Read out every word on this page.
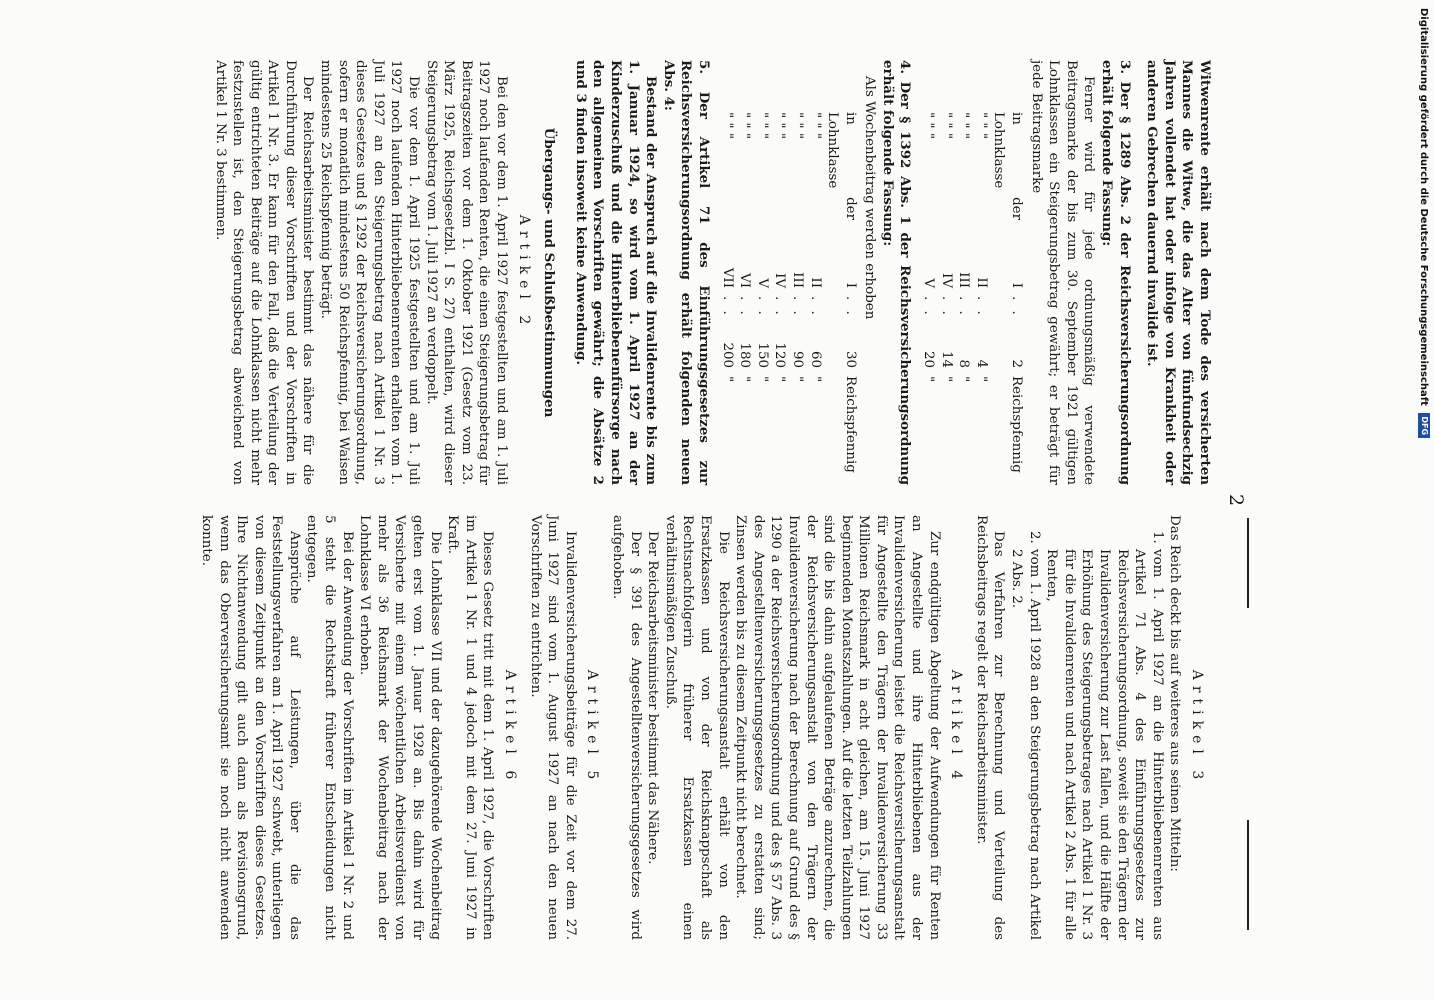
2

Witwenrente erhält nach dem Tode des versicherten Mannes die Witwe, die das Alter von fünfundsechzig Jahren vollendet hat oder infolge von Krankheit oder anderen Gebrechen dauernd invalide ist.

3. Der § 1289 Abs. 2 der Reichsversicherungsordnung erhält folgende Fassung:

Ferner wird für jede ordnungsmäßig verwendete Beitragsmarke der bis zum 30. September 1921 gültigen Lohnklassen ein Steigerungsbetrag gewährt; er beträgt für jede Beitragsmarke

in der Lohnklasse	I	. .	2	Reichspfennig
" " "	II	. .	4	"
" " "	III	. .	8	"
" " "	IV	. .	14	"
" " "	V	. .	20	"

4. Der § 1392 Abs. 1 der Reichsversicherungsordnung erhält folgende Fassung:

Als Wochenbeitrag werden erhoben

in der Lohnklasse	I	. .	30	Reichspfennig
" " "	II	. .	60	"
" " "	III	. .	90	"
" " "	IV	. .	120	"
" " "	V	. .	150	"
" " "	VI	. .	180	"
" " "	VII	. .	200	"

5. Der Artikel 71 des Einführungsgesetzes zur Reichsversicherungsordnung erhält folgenden neuen Abs. 4:

Bestand der Anspruch auf die Invalidenrente bis zum 1. Januar 1924, so wird vom 1. April 1927 an der Kinderzuschuß und die Hinterbliebenenfürsorge nach den allgemeinen Vorschriften gewährt; die Absätze 2 und 3 finden insoweit keine Anwendung.

Übergangs- und Schlußbestimmungen
Artikel 2

Bei den vor dem 1. April 1927 festgestellten und am 1. Juli 1927 noch laufenden Renten, die einen Steigerungsbetrag für Beitragszeiten vor dem 1. Oktober 1921 (Gesetz vom 23. März 1925, Reichsgesetzbl. I S. 27) enthalten, wird dieser Steigerungsbetrag vom 1. Juli 1927 an verdoppelt.

Die vor dem 1. April 1925 festgestellten und am 1. Juli 1927 noch laufenden Hinterbliebenenrenten erhalten vom 1. Juli 1927 an den Steigerungsbetrag nach Artikel 1 Nr. 3 dieses Gesetzes und § 1292 der Reichsversicherungsordnung, sofern er monatlich mindestens 50 Reichspfennig, bei Waisen mindestens 25 Reichspfennig beträgt.

Der Reichsarbeitsminister bestimmt das nähere für die Durchführung dieser Vorschriften und der Vorschriften in Artikel 1 Nr. 3. Er kann für den Fall, daß die Verteilung der gültig entrichteten Beiträge auf die Lohnklassen nicht mehr festzustellen ist, den Steigerungsbetrag abweichend von Artikel 1 Nr. 3 bestimmen.

Artikel 3

Das Reich deckt bis auf weiteres aus seinen Mitteln:

1.
vom 1. April 1927 an die Hinterbliebenenrenten aus Artikel 71 Abs. 4 des Einführungsgesetzes zur Reichsversicherungsordnung, soweit sie den Trägern der Invalidenversicherung zur Last fallen, und die Hälfte der Erhöhung des Steigerungsbetrages nach Artikel 1 Nr. 3 für die Invalidenrenten und nach Artikel 2 Abs. 1 für alle Renten,
2.
vom 1. April 1928 an den Steigerungsbetrag nach Artikel 2 Abs. 2.

Das Verfahren zur Berechnung und Verteilung des Reichsbeitrags regelt der Reichsarbeitsminister.

Artikel 4

Zur endgültigen Abgeltung der Aufwendungen für Renten an Angestellte und ihre Hinterbliebenen aus der Invalidenversicherung leistet die Reichsversicherungsanstalt für Angestellte den Trägern der Invalidenversicherung 33 Millionen Reichsmark in acht gleichen, am 15. Juni 1927 beginnenden Monatszahlungen. Auf die letzten Teilzahlungen sind die bis dahin aufgelaufenen Beträge anzurechnen, die der Reichsversicherungsanstalt von den Trägern der Invalidenversicherung nach der Berechnung auf Grund des § 1290 a der Reichsversicherungsordnung und des § 57 Abs. 3 des Angestelltenversicherungsgesetzes zu erstatten sind; Zinsen werden bis zu diesem Zeitpunkt nicht berechnet.

Die Reichsversicherungsanstalt erhält von den Ersatzkassen und von der Reichsknappschaft als Rechtsnachfolgerin früherer Ersatzkassen einen verhältnismäßigen Zuschuß.

Der Reichsarbeitsminister bestimmt das Nähere.

Der § 391 des Angestelltenversicherungsgesetzes wird aufgehoben.

Artikel 5

Invalidenversicherungsbeiträge für die Zeit vor dem 27. Juni 1927 sind vom 1. August 1927 an nach den neuen Vorschriften zu entrichten.

Artikel 6

Dieses Gesetz tritt mit dem 1. April 1927, die Vorschriften im Artikel 1 Nr. 1 und 4 jedoch mit dem 27. Juni 1927 in Kraft.

Die Lohnklasse VII und der dazugehörende Wochenbeitrag gelten erst vom 1. Januar 1928 an. Bis dahin wird für Versicherte mit einem wöchentlichen Arbeitsverdienst von mehr als 36 Reichsmark der Wochenbeitrag nach der Lohnklasse VI erhoben.

Bei der Anwendung der Vorschriften im Artikel 1 Nr. 2 und 5 steht die Rechtskraft früherer Entscheidungen nicht entgegen.

Ansprüche auf Leistungen, über die das Feststellungsverfahren am 1. April 1927 schwebt, unterliegen von diesem Zeitpunkt an den Vorschriften dieses Gesetzes. Ihre Nichtanwendung gilt auch dann als Revisionsgrund, wenn das Oberversicherungsamt sie noch nicht anwenden konnte.

Digitalisierung gefördert durch die Deutsche Forschungsgemeinschaft DFG
